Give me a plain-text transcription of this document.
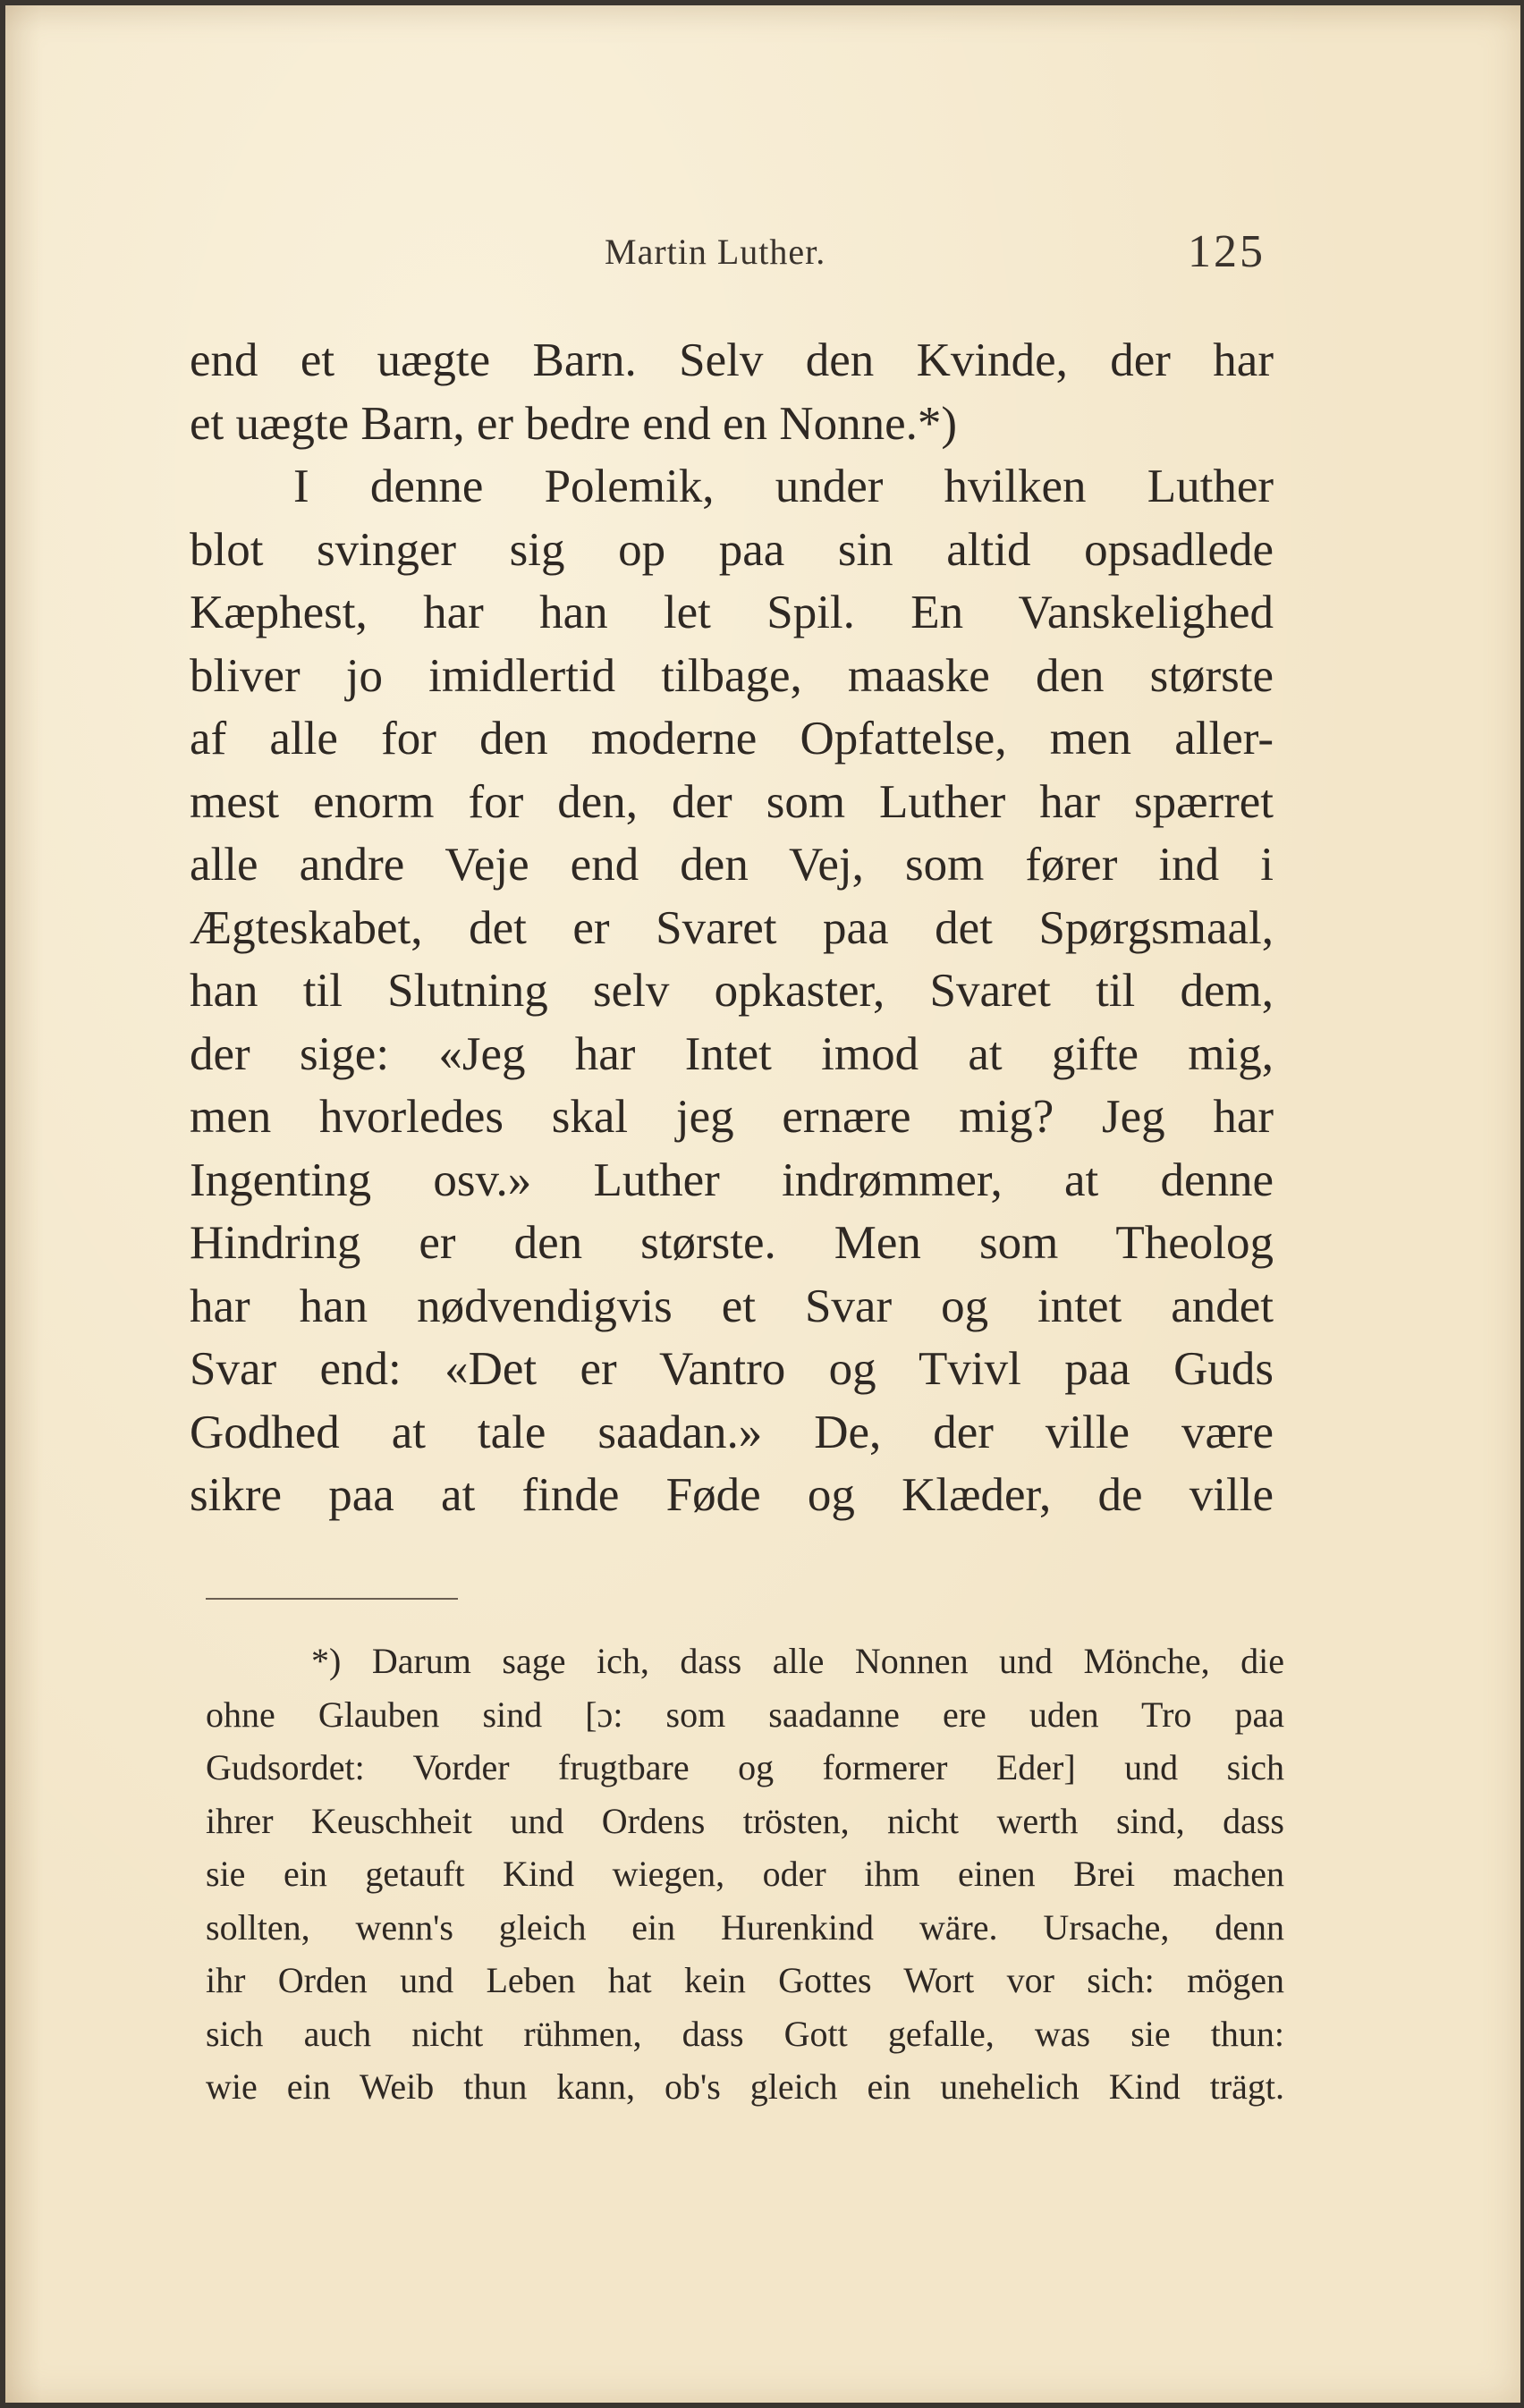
Martin Luther.	125
end et uægte Barn. Selv den Kvinde, der har
et uægte Barn, er bedre end en Nonne.*)
I denne Polemik, under hvilken Luther
blot svinger sig op paa sin altid opsadlede
Kæphest, har han let Spil. En Vanskelighed
bliver jo imidlertid tilbage, maaske den største
af alle for den moderne Opfattelse, men aller-
mest enorm for den, der som Luther har spærret
alle andre Veje end den Vej, som fører ind i
Ægteskabet, det er Svaret paa det Spørgsmaal,
han til Slutning selv opkaster, Svaret til dem,
der sige: «Jeg har Intet imod at gifte mig,
men hvorledes skal jeg ernære mig? Jeg har
Ingenting osv.» Luther indrømmer, at denne
Hindring er den største. Men som Theolog
har han nødvendigvis et Svar og intet andet
Svar end: «Det er Vantro og Tvivl paa Guds
Godhed at tale saadan.» De, der ville være
sikre paa at finde Føde og Klæder, de ville
*) Darum sage ich, dass alle Nonnen und Mönche, die
ohne Glauben sind [ɔ: som saadanne ere uden Tro paa
Gudsordet: Vorder frugtbare og formerer Eder] und sich
ihrer Keuschheit und Ordens trösten, nicht werth sind, dass
sie ein getauft Kind wiegen, oder ihm einen Brei machen
sollten, wenn's gleich ein Hurenkind wäre. Ursache, denn
ihr Orden und Leben hat kein Gottes Wort vor sich: mögen
sich auch nicht rühmen, dass Gott gefalle, was sie thun:
wie ein Weib thun kann, ob's gleich ein unehelich Kind trägt.
